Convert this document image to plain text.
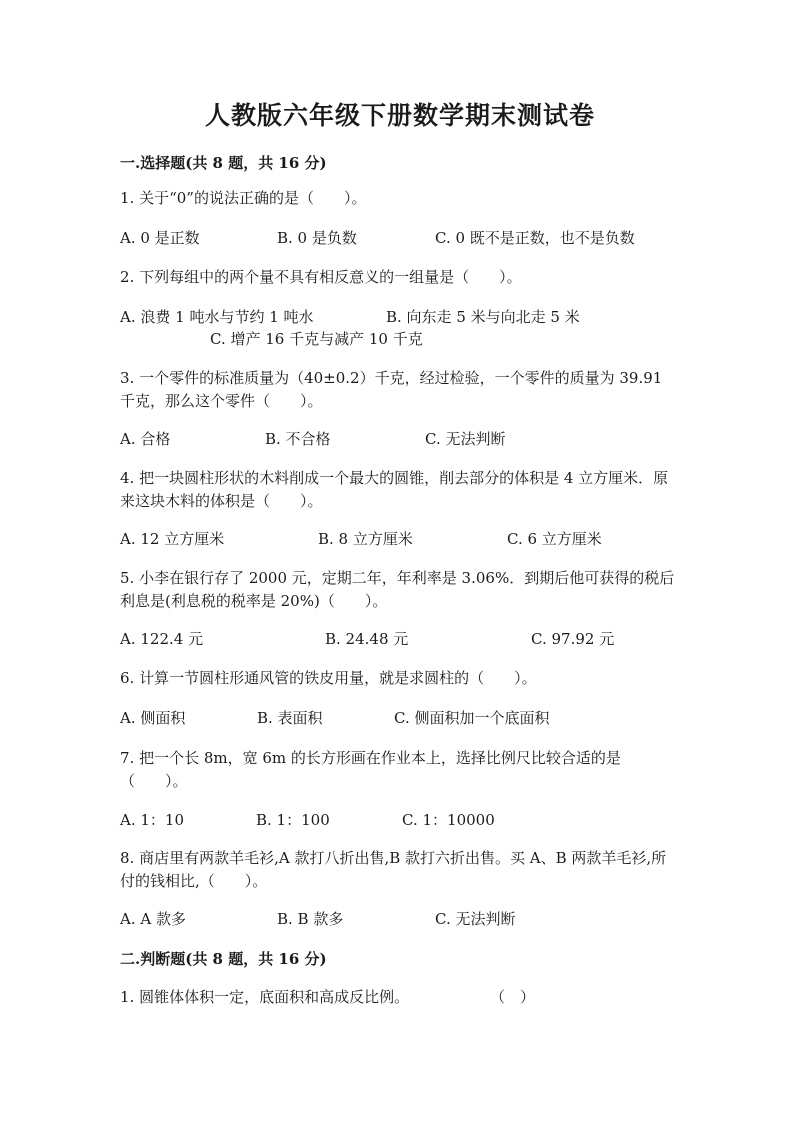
人教版六年级下册数学期末测试卷
一.选择题(共 8 题，共 16 分)
1. 关于“0”的说法正确的是（　　）。
A. 0 是正数	B. 0 是负数	C. 0 既不是正数，也不是负数
2. 下列每组中的两个量不具有相反意义的一组量是（　　）。
A. 浪费 1 吨水与节约 1 吨水	B. 向东走 5 米与向北走 5 米
C. 增产 16 千克与减产 10 千克
3. 一个零件的标准质量为（40±0.2）千克，经过检验，一个零件的质量为 39.91 千克，那么这个零件（　　）。
A. 合格	B. 不合格	C. 无法判断
4. 把一块圆柱形状的木料削成一个最大的圆锥，削去部分的体积是 4 立方厘米．原来这块木料的体积是（　　）。
A. 12 立方厘米	B. 8 立方厘米	C. 6 立方厘米
5. 小李在银行存了 2000 元，定期二年，年利率是 3.06%．到期后他可获得的税后利息是(利息税的税率是 20%)（　　）。
A. 122.4 元	B. 24.48 元	C. 97.92 元
6. 计算一节圆柱形通风管的铁皮用量，就是求圆柱的（　　）。
A. 侧面积	B. 表面积	C. 侧面积加一个底面积
7. 把一个长 8m，宽 6m 的长方形画在作业本上，选择比例尺比较合适的是（　　）。
A. 1：10	B. 1：100	C. 1：10000
8. 商店里有两款羊毛衫,A 款打八折出售,B 款打六折出售。买 A、B 两款羊毛衫,所付的钱相比,（　　）。
A. A 款多	B. B 款多	C. 无法判断
二.判断题(共 8 题，共 16 分)
1. 圆锥体体积一定，底面积和高成反比例。	（　）
